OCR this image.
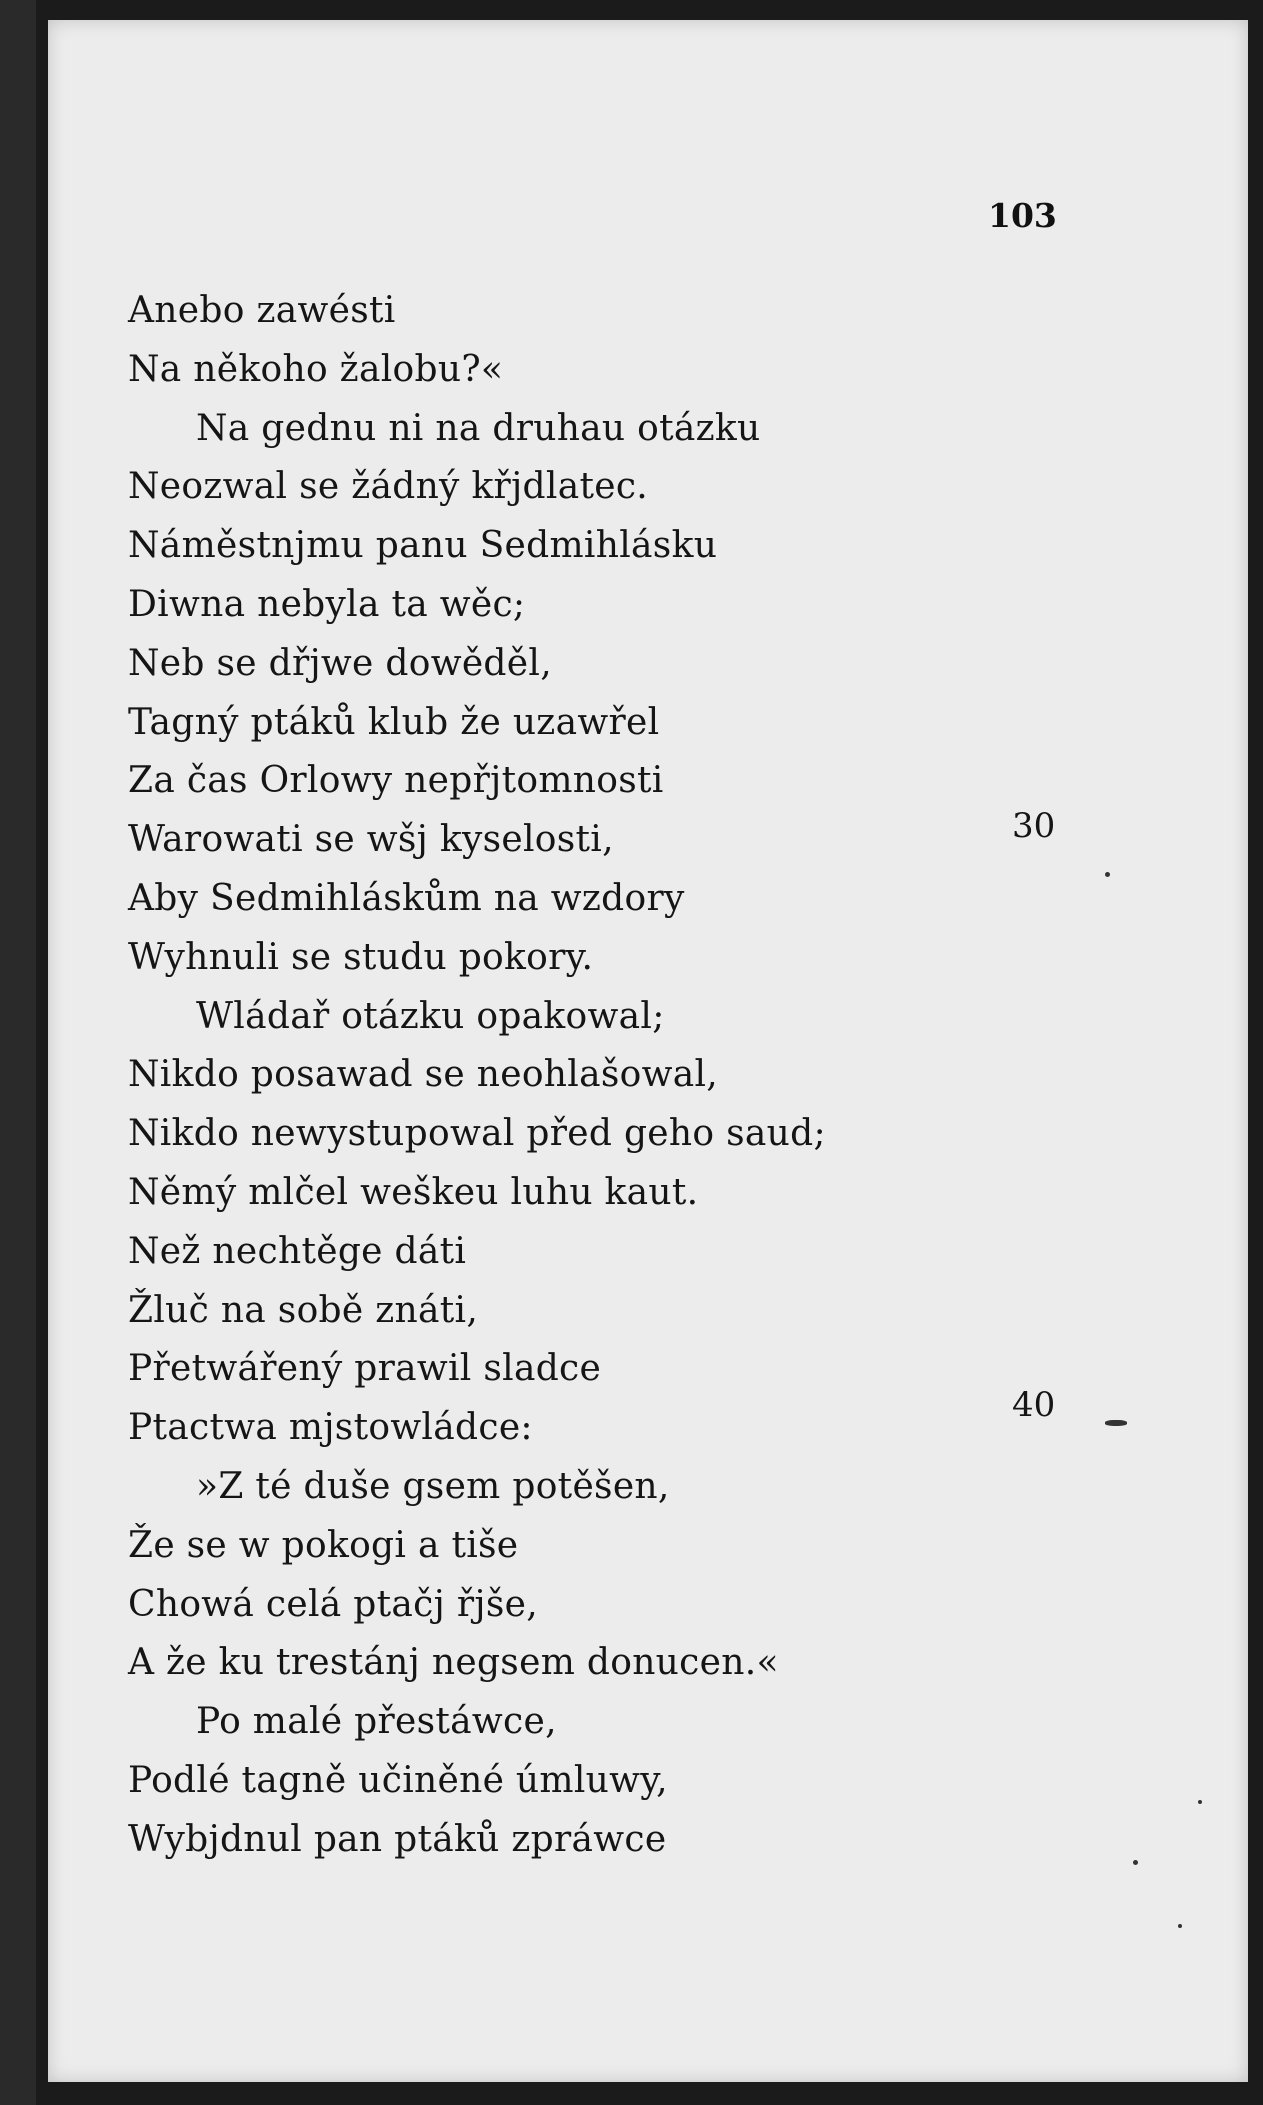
103
Anebo zawésti
Na někoho žalobu?«
Na gednu ni na druhau otázku
Neozwal se žádný křjdlatec.
Náměstnjmu panu Sedmihlásku
Diwna nebyla ta wěc;
Neb se dřjwe dowěděl,
Tagný ptáků klub že uzawřel
Za čas Orlowy nepřjtomnosti
Warowati se wšj kyselosti,
Aby Sedmihláskům na wzdory
Wyhnuli se studu pokory.
Wládař otázku opakowal;
Nikdo posawad se neohlašowal,
Nikdo newystupowal před geho saud;
Němý mlčel weškeu luhu kaut.
Než nechtěge dáti
Žluč na sobě znáti,
Přetwářený prawil sladce
Ptactwa mjstowládce:
»Z té duše gsem potěšen,
Že se w pokogi a tiše
Chowá celá ptačj řjše,
A že ku trestánj negsem donucen.«
Po malé přestáwce,
Podlé tagně učiněné úmluwy,
Wybjdnul pan ptáků zpráwce
30
40
